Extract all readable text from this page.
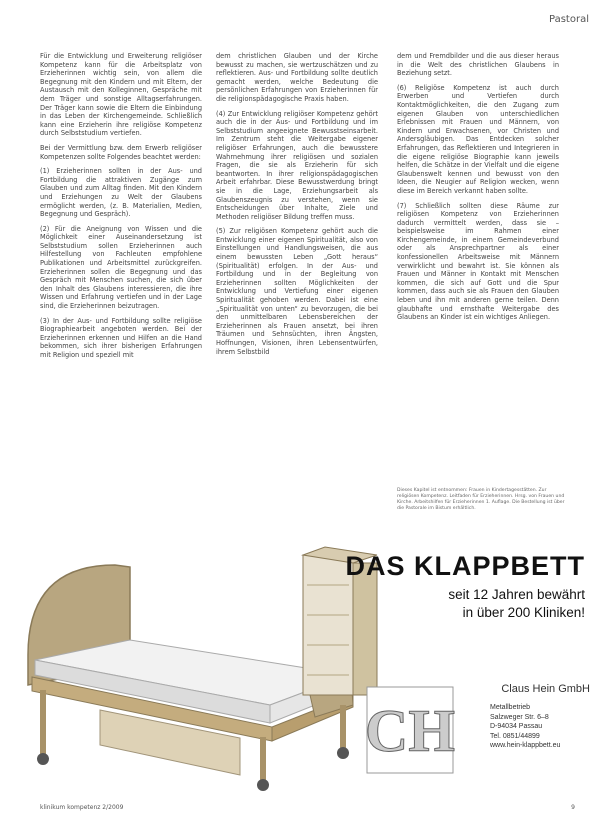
Pastoral

Für die Entwicklung und Erweiterung religiöser Kompetenz kann für die Arbeitsplatz von Erzieherinnen wichtig sein, von allem die Begegnung mit den Kindern und mit Eltern, der Austausch mit den Kolleginnen, Gespräche mit dem Träger und sonstige Alltagserfahrungen. Der Träger kann sowie die Eltern die Einbindung in das Leben der Kirchengemeinde. Schließlich kann eine Erzieherin ihre religiöse Kompetenz durch Selbststudium vertiefen.

Bei der Vermittlung bzw. dem Erwerb religiöser Kompetenzen sollte Folgendes beachtet werden:

(1) Erzieherinnen sollten in der Aus- und Fortbildung die attraktiven Zugänge zum Glauben und zum Alltag finden. Mit den Kindern und Erziehungen zu Welt der Glaubens ermöglicht werden, (z. B. Materialien, Medien, Begegnung und Gespräch).

(2) Für die Aneignung von Wissen und die Möglichkeit einer Auseinandersetzung ist Selbststudium sollen Erzieherinnen auch Hilfestellung von Fachleuten empfohlene Publikationen und Arbeitsmittel zurückgreifen. Erzieherinnen sollen die Begegnung und das Gespräch mit Menschen suchen, die sich über den Inhalt des Glaubens interessieren, die ihre Wissen und Erfahrung vertiefen und in der Lage sind, die Erzieherinnen beizutragen.

(3) In der Aus- und Fortbildung sollte religiöse Biographiearbeit angeboten werden. Bei der Erzieherinnen erkennen und Hilfen an die Hand bekommen, sich ihrer bisherigen Erfahrungen mit Religion und speziell mit

dem christlichen Glauben und der Kirche bewusst zu machen, sie wertzuschätzen und zu reflektieren. Aus- und Fortbildung sollte deutlich gemacht werden, welche Bedeutung die persönlichen Erfahrungen von Erzieherinnen für die religionspädagogische Praxis haben.

(4) Zur Entwicklung religiöser Kompetenz gehört auch die in der Aus- und Fortbildung und im Selbststudium angeeignete Bewusstseinsarbeit. Im Zentrum steht die Weitergabe eigener religiöser Erfahrungen, auch die bewusstere Wahrnehmung ihrer religiösen und sozialen Fragen, die sie als Erzieherin für sich beantworten. In ihrer religionspädagogischen Arbeit erfahrbar. Diese Bewusstwerdung bringt sie in die Lage, Erziehungsarbeit als Glaubenszeugnis zu verstehen, wenn sie Entscheidungen über Inhalte, Ziele und Methoden religiöser Bildung treffen muss.

(5) Zur religiösen Kompetenz gehört auch die Entwicklung einer eigenen Spiritualität, also von Einstellungen und Handlungsweisen, die aus einem bewussten Leben „Gott heraus“ (Spiritualität) erfolgen. In der Aus- und Fortbildung und in der Begleitung von Erzieherinnen sollten Möglichkeiten der Entwicklung und Vertiefung einer eigenen Spiritualität gehoben werden. Dabei ist eine „Spiritualität von unten“ zu bevorzugen, die bei den unmittelbaren Lebensbereichen der Erzieherinnen als Frauen ansetzt, bei ihren Träumen und Sehnsüchten, ihren Ängsten, Hoffnungen, Visionen, ihren Lebensentwürfen, ihrem Selbstbild

dem und Fremdbilder und die aus dieser heraus in die Welt des christlichen Glaubens in Beziehung setzt.

(6) Religiöse Kompetenz ist auch durch Erwerben und Vertiefen durch Kontaktmöglichkeiten, die den Zugang zum eigenen Glauben von unterschiedlichen Erlebnissen mit Frauen und Männern, von Kindern und Erwachsenen, vor Christen und Andersgläubigen. Das Entdecken solcher Erfahrungen, das Reflektieren und Integrieren in die eigene religiöse Biographie kann jeweils helfen, die Schätze in der Vielfalt und die eigene Glaubenswelt kennen und bewusst von den Ideen, die Neugier auf Religion wecken, wenn diese im Bereich verkannt haben sollte.

(7) Schließlich sollten diese Räume zur religiösen Kompetenz von Erzieherinnen dadurch vermittelt werden, dass sie – beispielsweise im Rahmen einer Kirchengemeinde, in einem Gemeindeverbund oder als Ansprechpartner als einer konfessionellen Arbeitsweise mit Männern verwirklicht und bewahrt ist. Sie können als Frauen und Männer in Kontakt mit Menschen kommen, die sich auf Gott und die Spur kommen, dass auch sie als Frauen den Glauben leben und ihn mit anderen gerne teilen. Denn glaubhafte und ernsthafte Weitergabe des Glaubens an Kinder ist ein wichtiges Anliegen.

Dieses Kapitel ist entnommen: Frauen in Kindertagesstätten. Zur religiösen Kompetenz. Leitfaden für Erzieherinnen. Hrsg. von Frauen und Kirche. Arbeitshilfen für Erzieherinnen 1. Auflage. Die Bestellung ist über die Pastorale im Bistum erhältlich.
DAS KLAPPBETT
seit 12 Jahren bewährt
in über 200 Kliniken!
CH
Claus Hein GmbH
Metallbetrieb
Salzweger Str. 6–8
D-94034 Passau
Tel. 0851/44899
www.hein-klappbett.eu
klinikum kompetenz 2/2009	9
